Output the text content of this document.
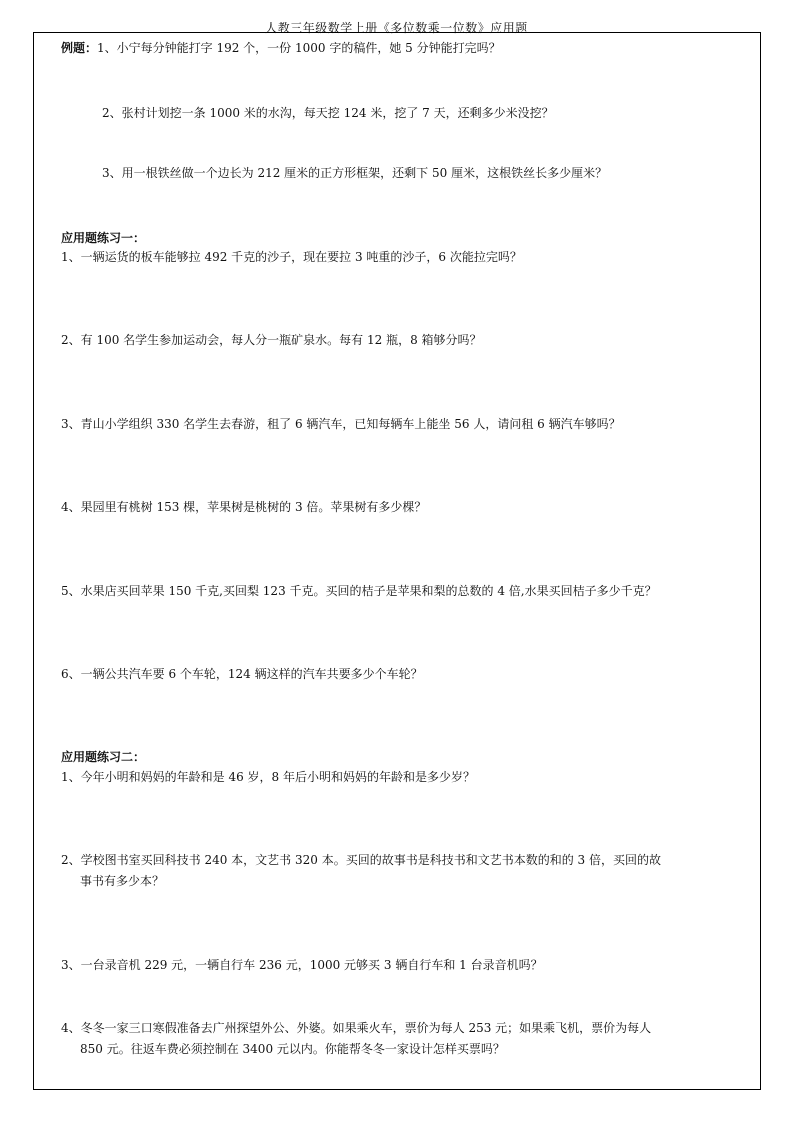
人教三年级数学上册《多位数乘一位数》应用题
例题：1、小宁每分钟能打字 192 个，一份 1000 字的稿件，她 5 分钟能打完吗？
2、张村计划挖一条 1000 米的水沟，每天挖 124 米，挖了 7 天，还剩多少米没挖？
3、用一根铁丝做一个边长为 212 厘米的正方形框架，还剩下 50 厘米，这根铁丝长多少厘米？
应用题练习一：
1、一辆运货的板车能够拉 492 千克的沙子，现在要拉 3 吨重的沙子，6 次能拉完吗？
2、有 100 名学生参加运动会，每人分一瓶矿泉水。每有 12 瓶，8 箱够分吗？
3、青山小学组织 330 名学生去春游，租了 6 辆汽车，已知每辆车上能坐 56 人，请问租 6 辆汽车够吗？
4、果园里有桃树 153 棵，苹果树是桃树的 3 倍。苹果树有多少棵？
5、水果店买回苹果 150 千克,买回梨 123 千克。买回的桔子是苹果和梨的总数的 4 倍,水果买回桔子多少千克？
6、一辆公共汽车要 6 个车轮，124 辆这样的汽车共要多少个车轮？
应用题练习二：
1、今年小明和妈妈的年龄和是 46 岁，8 年后小明和妈妈的年龄和是多少岁？
2、学校图书室买回科技书 240 本，文艺书 320 本。买回的故事书是科技书和文艺书本数的和的 3 倍，买回的故
事书有多少本？
3、一台录音机 229 元，一辆自行车 236 元，1000 元够买 3 辆自行车和 1 台录音机吗？
4、冬冬一家三口寒假准备去广州探望外公、外婆。如果乘火车，票价为每人 253 元；如果乘飞机，票价为每人
850 元。往返车费必须控制在 3400 元以内。你能帮冬冬一家设计怎样买票吗？
